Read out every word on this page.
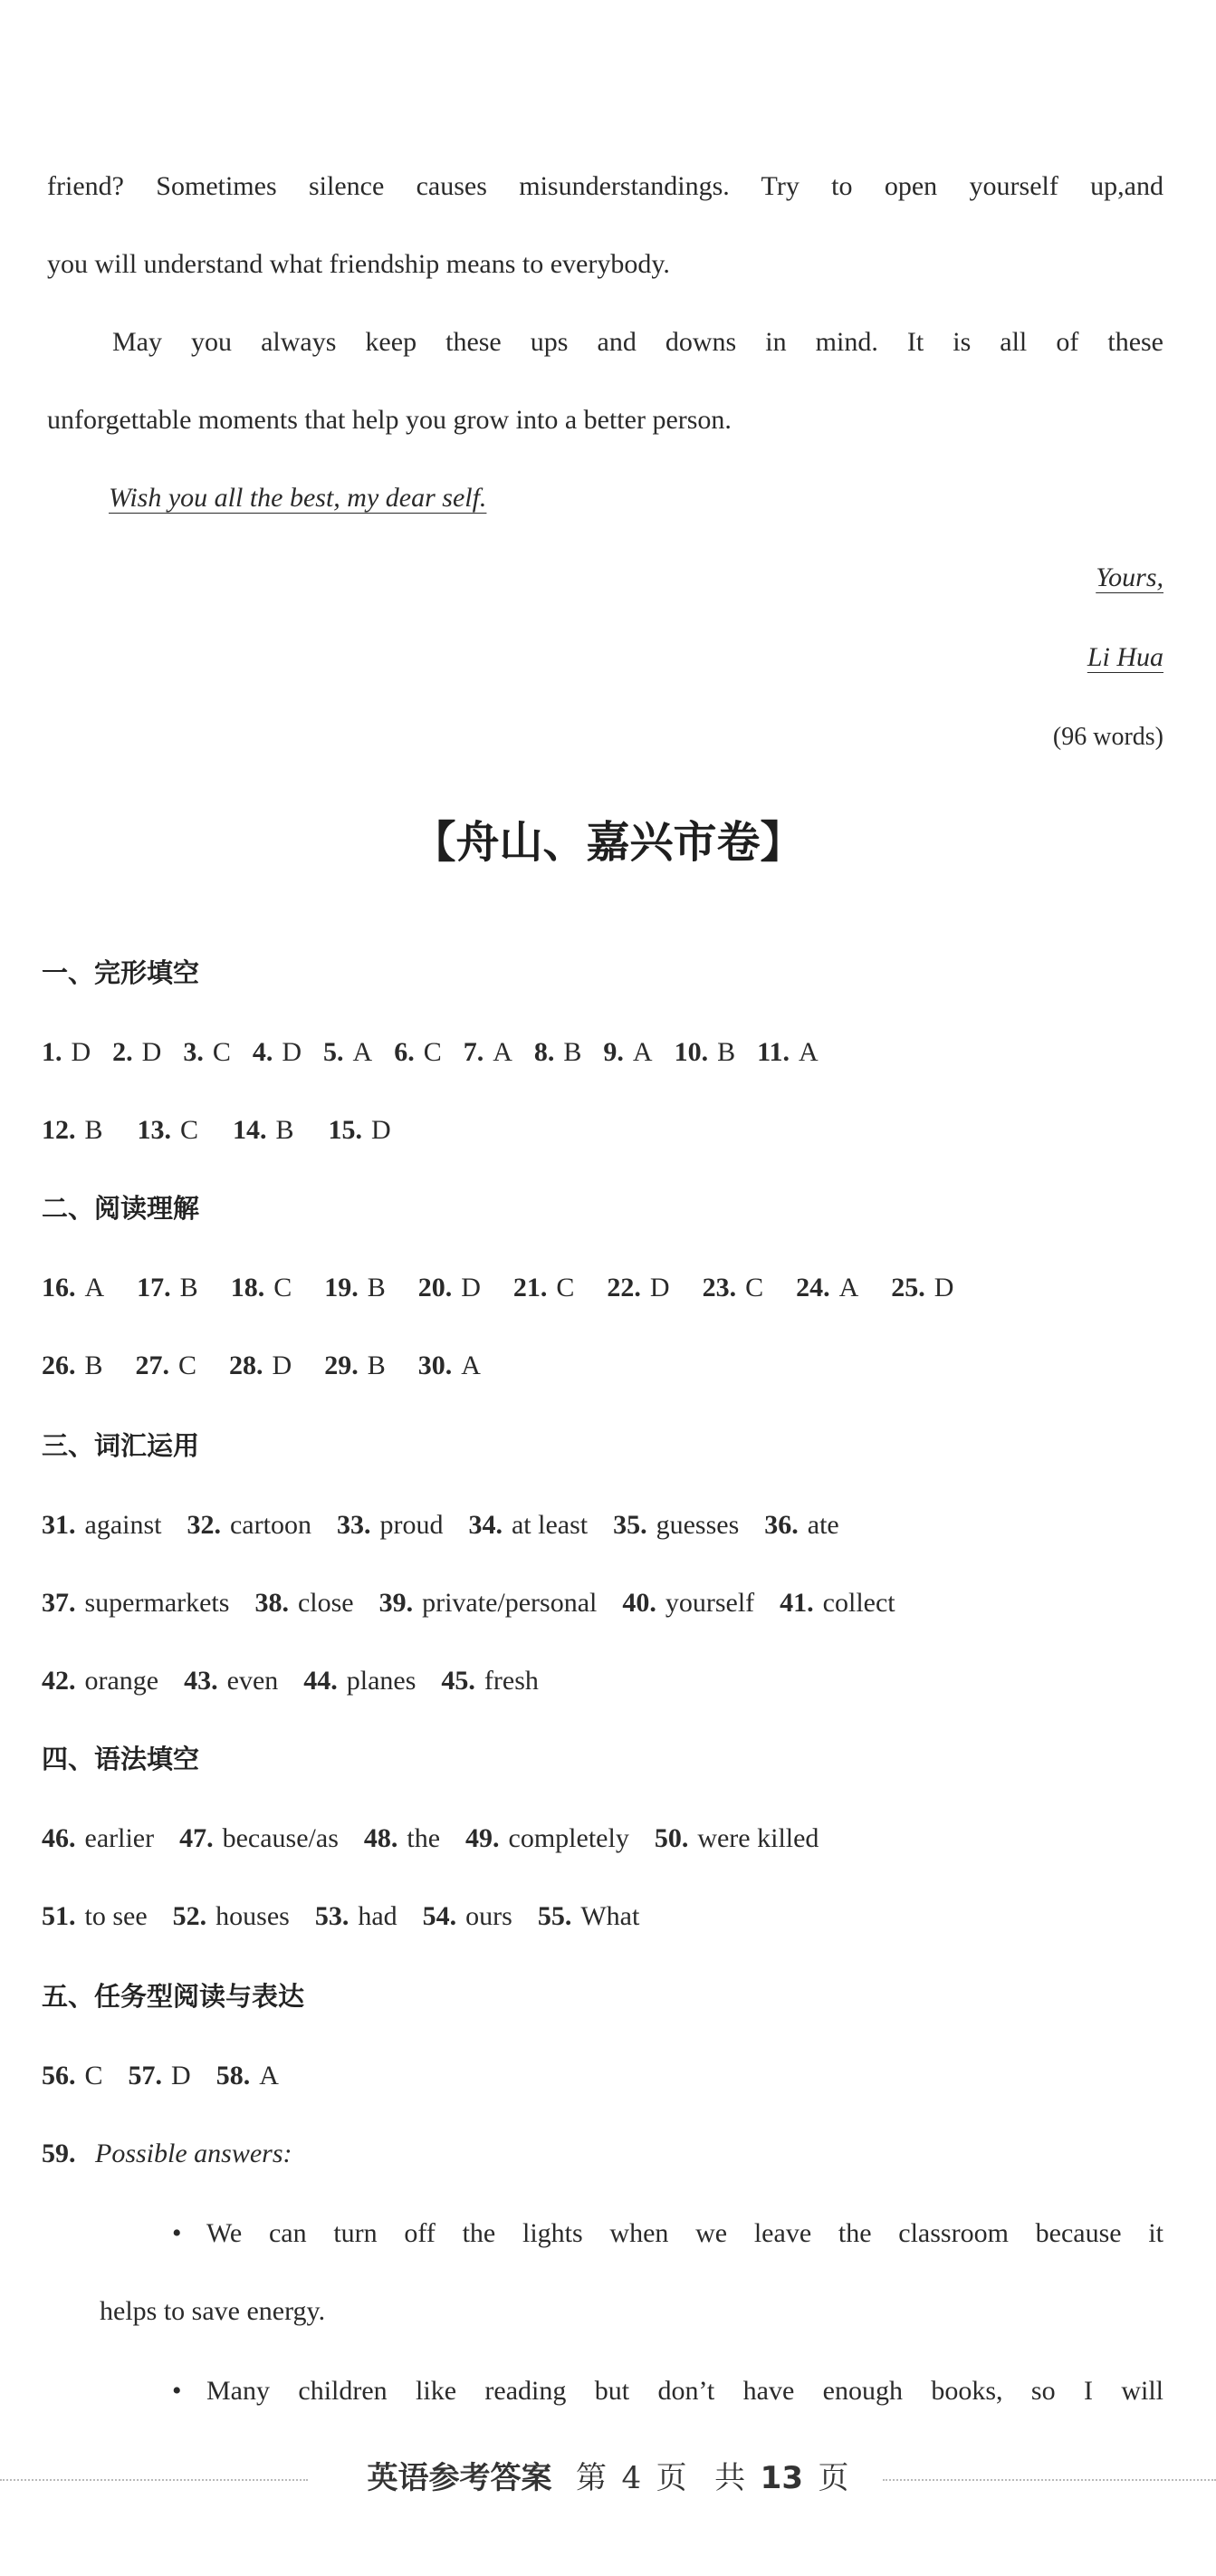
friend? Sometimes silence causes misunderstandings. Try to open yourself up,and
you will understand what friendship means to everybody.
May you always keep these ups and downs in mind. It is all of these
unforgettable moments that help you grow into a better person.
Wish you all the best, my dear self.
Yours,
Li Hua
(96 words)
【舟山、嘉兴市卷】
一、完形填空
1. D 2. D 3. C 4. D 5. A 6. C 7. A 8. B 9. A 10. B 11. A
12. B 13. C 14. B 15. D
二、阅读理解
16. A 17. B 18. C 19. B 20. D 21. C 22. D 23. C 24. A 25. D
26. B 27. C 28. D 29. B 30. A
三、词汇运用
31. against 32. cartoon 33. proud 34. at least 35. guesses 36. ate
37. supermarkets 38. close 39. private/personal 40. yourself 41. collect
42. orange 43. even 44. planes 45. fresh
四、语法填空
46. earlier 47. because/as 48. the 49. completely 50. were killed
51. to see 52. houses 53. had 54. ours 55. What
五、任务型阅读与表达
56. C 57. D 58. A
59. Possible answers:
• We can turn off the lights when we leave the classroom because it
helps to save energy.
• Many children like reading but don’t have enough books, so I will
英语参考答案 第 4 页 共 13 页
